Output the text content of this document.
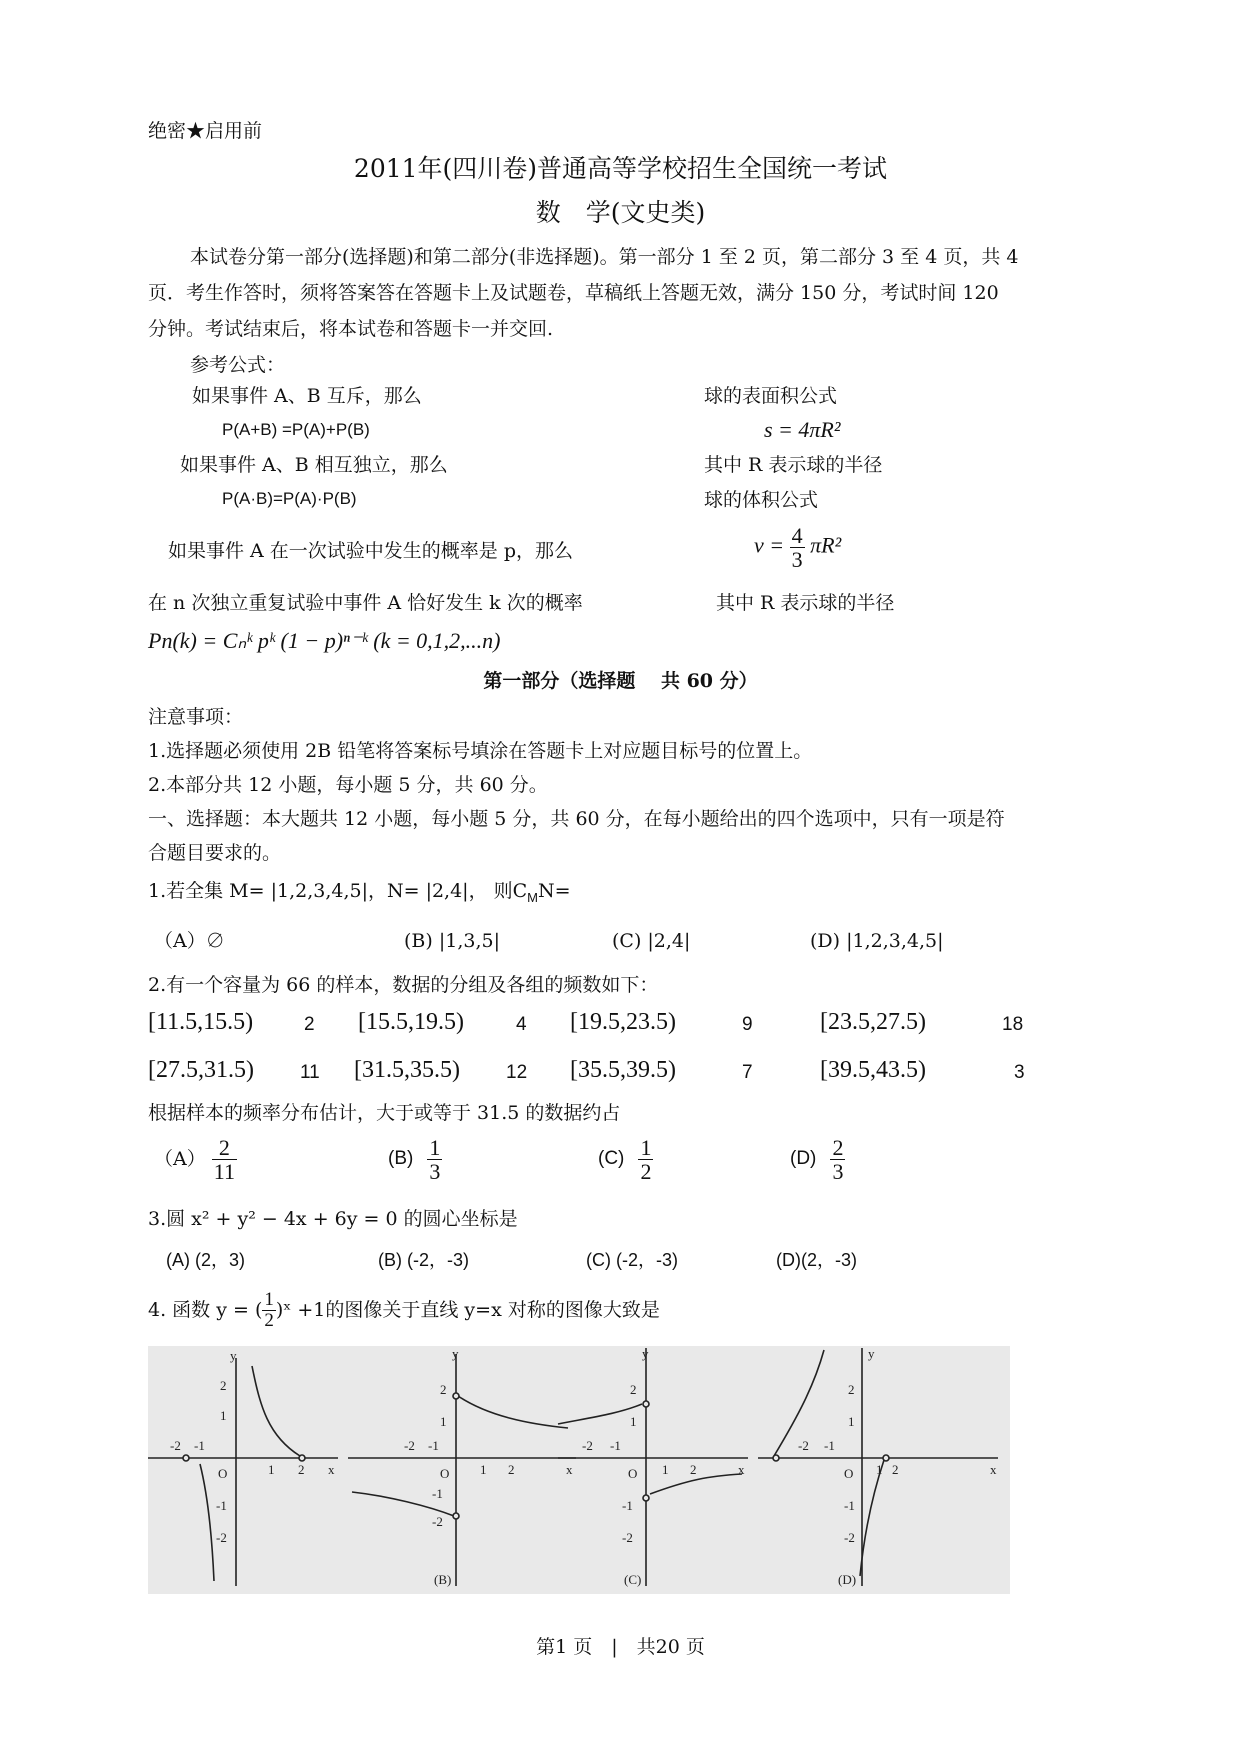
绝密★启用前
2011年(四川卷)普通高等学校招生全国统一考试
数　学(文史类)
本试卷分第一部分(选择题)和第二部分(非选择题)。第一部分 1 至 2 页，第二部分 3 至 4 页，共 4
页．考生作答时，须将答案答在答题卡上及试题卷，草稿纸上答题无效，满分 150 分，考试时间 120
分钟。考试结束后，将本试卷和答题卡一并交回.
参考公式：
如果事件 A、B 互斥，那么
P(A+B) =P(A)+P(B)
如果事件 A、B 相互独立，那么
P(A·B)=P(A)·P(B)
如果事件 A 在一次试验中发生的概率是 p，那么
在 n 次独立重复试验中事件 A 恰好发生 k 次的概率
Pn(k) = Cₙᵏ pᵏ (1 − p)ⁿ⁻ᵏ (k = 0,1,2,...n)
球的表面积公式
s = 4πR²
其中 R 表示球的半径
球的体积公式
$v = \frac{4}{3} \pi R^2$
其中 R 表示球的半径
第一部分（选择题　 共 60 分）
注意事项：
1.选择题必须使用 2B 铅笔将答案标号填涂在答题卡上对应题目标号的位置上。
2.本部分共 12 小题，每小题 5 分，共 60 分。
一、选择题：本大题共 12 小题，每小题 5 分，共 60 分，在每小题给出的四个选项中，只有一项是符
合题目要求的。
1.若全集 M= |1,2,3,4,5|，N= |2,4|， 则$C_MN=$
（A）∅	(B) |1,3,5|	(C) |2,4|	(D) |1,2,3,4,5|
2.有一个容量为 66 的样本，数据的分组及各组的频数如下：
[11.5,15.5)	2 [15.5,19.5)	4 [19.5,23.5)	9	[23.5,27.5)	18
[27.5,31.5) 11 [31.5,35.5) 12 [35.5,39.5)	7	[39.5,43.5)	3
根据样本的频率分布估计，大于或等于 31.5 的数据约占
$(A) \frac{2}{11}$	$(B) \frac{1}{3}$	$(C) \frac{1}{2}$	$(D) \frac{2}{3}$
3.圆 x² + y² − 4x + 6y = 0 的圆心坐标是
(A) (2，3)	(B) (-2，-3)	(C) (-2，-3)	(D)(2，-3)
4. 函数 y = ( $\frac{1}{2}$ )ˣ +1的图像关于直线 y=x 对称的图像大致是
y
x
2
1
-2 -1
O	1 2
-1
-2
y
x
2
1
-2 -1
O 1 2
-1
-2
(B)
y
x
2
1
-2 -1
O 1 2
-1
-2
(C)
y
x
2
1
-2 -1
O 1 2
-1
-2
(D)
第1 页　|　共20 页
